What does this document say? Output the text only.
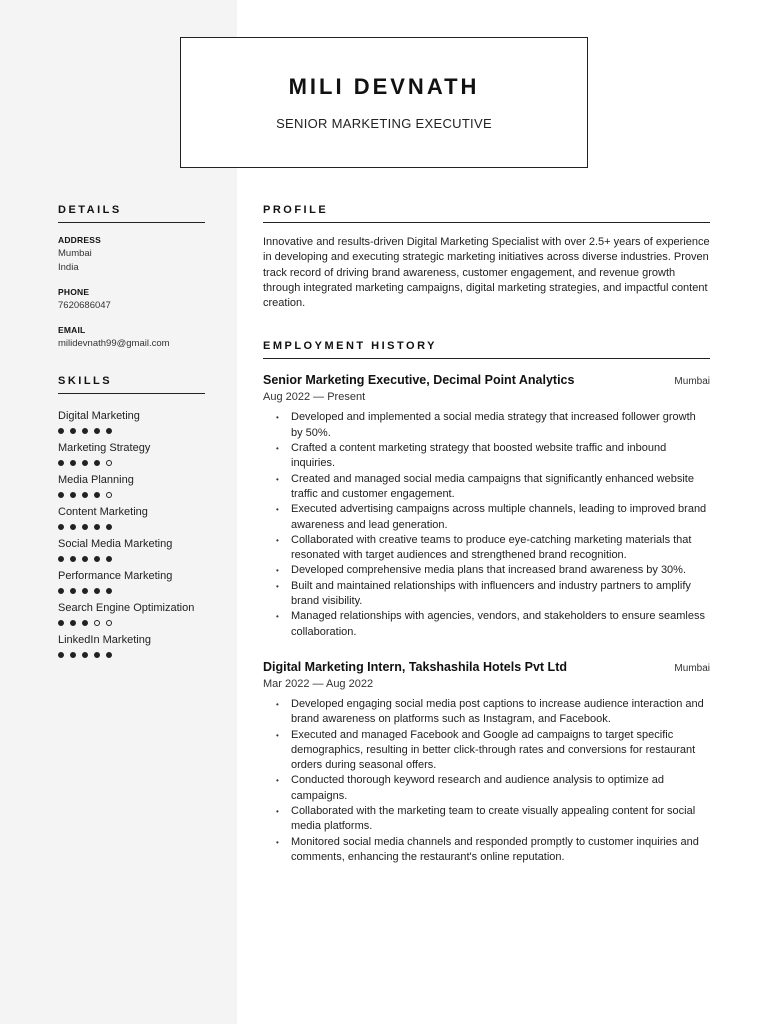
MILI DEVNATH
SENIOR MARKETING EXECUTIVE
DETAILS
ADDRESS
Mumbai
India
PHONE
7620686047
EMAIL
milidevnath99@gmail.com
SKILLS
Digital Marketing
Marketing Strategy
Media Planning
Content Marketing
Social Media Marketing
Performance Marketing
Search Engine Optimization
LinkedIn Marketing
PROFILE

Innovative and results-driven Digital Marketing Specialist with over 2.5+ years of experience in developing and executing strategic marketing initiatives across diverse industries. Proven track record of driving brand awareness, customer engagement, and revenue growth through integrated marketing campaigns, digital marketing strategies, and impactful content creation.

EMPLOYMENT HISTORY
Senior Marketing Executive, Decimal Point Analytics	Mumbai
Aug 2022 — Present
• Developed and implemented a social media strategy that increased follower growth by 50%.
• Crafted a content marketing strategy that boosted website traffic and inbound inquiries.
• Created and managed social media campaigns that significantly enhanced website traffic and customer engagement.
• Executed advertising campaigns across multiple channels, leading to improved brand awareness and lead generation.
• Collaborated with creative teams to produce eye-catching marketing materials that resonated with target audiences and strengthened brand recognition.
• Developed comprehensive media plans that increased brand awareness by 30%.
• Built and maintained relationships with influencers and industry partners to amplify brand visibility.
• Managed relationships with agencies, vendors, and stakeholders to ensure seamless collaboration.
Digital Marketing Intern, Takshashila Hotels Pvt Ltd	Mumbai
Mar 2022 — Aug 2022
• Developed engaging social media post captions to increase audience interaction and brand awareness on platforms such as Instagram, and Facebook.
• Executed and managed Facebook and Google ad campaigns to target specific demographics, resulting in better click-through rates and conversions for restaurant orders during seasonal offers.
• Conducted thorough keyword research and audience analysis to optimize ad campaigns.
• Collaborated with the marketing team to create visually appealing content for social media platforms.
• Monitored social media channels and responded promptly to customer inquiries and comments, enhancing the restaurant's online reputation.
